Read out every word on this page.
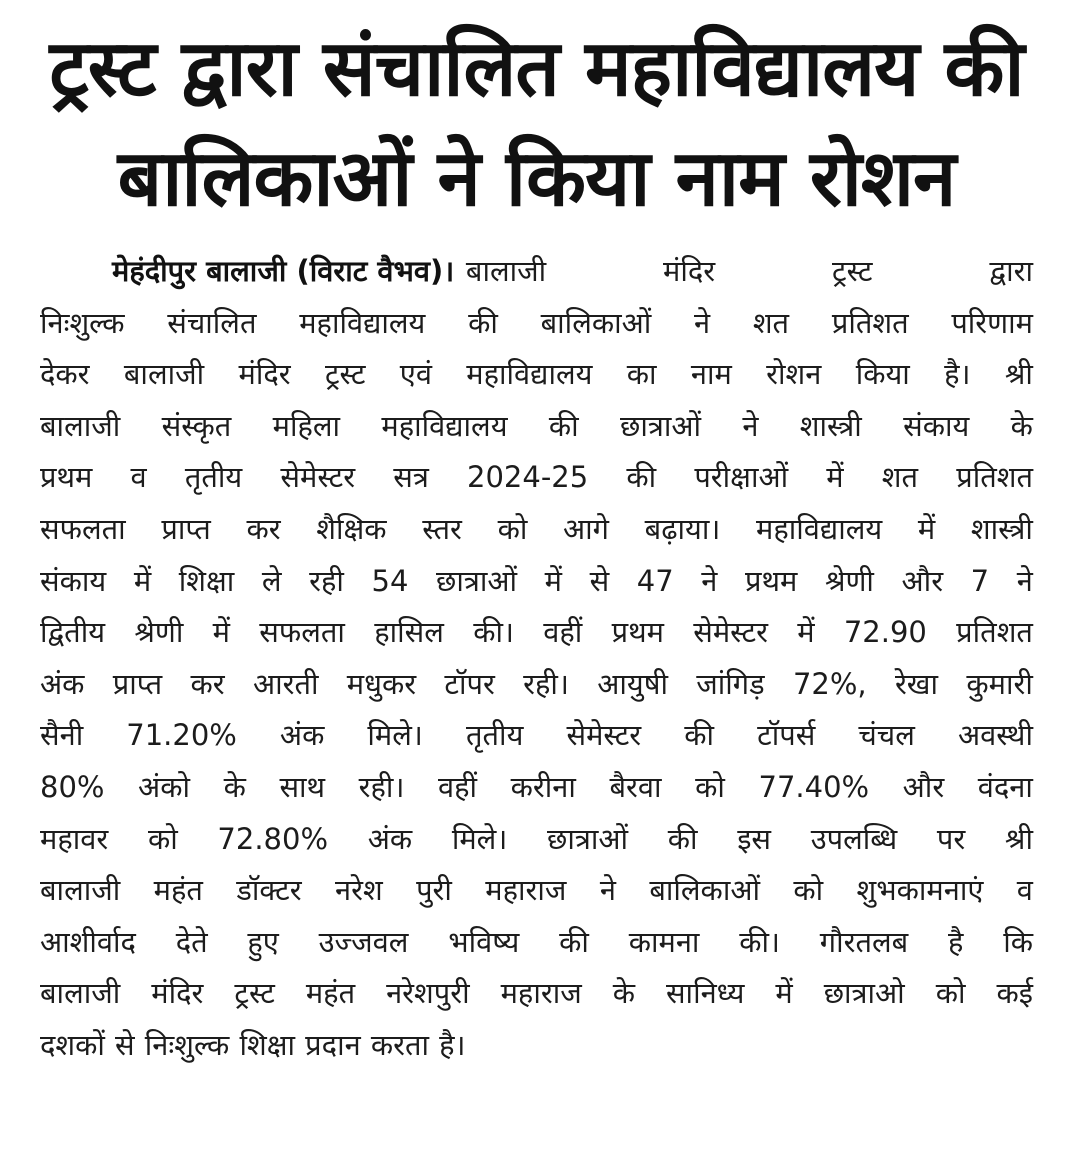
ट्रस्ट द्वारा संचालित महाविद्यालय की
बालिकाओं ने किया नाम रोशन
मेहंदीपुर बालाजी (विराट वैभव)। बालाजी	मंदिर	ट्रस्ट	द्वारा
निःशुल्क संचालित महाविद्यालय की बालिकाओं ने शत प्रतिशत परिणाम
देकर बालाजी मंदिर ट्रस्ट एवं महाविद्यालय का नाम रोशन किया है। श्री
बालाजी संस्कृत महिला महाविद्यालय की छात्राओं ने शास्त्री संकाय के
प्रथम व तृतीय सेमेस्टर सत्र 2024-25 की परीक्षाओं में शत प्रतिशत
सफलता प्राप्त कर शैक्षिक स्तर को आगे बढ़ाया। महाविद्यालय में शास्त्री
संकाय में शिक्षा ले रही 54 छात्राओं में से 47 ने प्रथम श्रेणी और 7 ने
द्वितीय श्रेणी में सफलता हासिल की। वहीं प्रथम सेमेस्टर में 72.90 प्रतिशत
अंक प्राप्त कर आरती मधुकर टॉपर रही। आयुषी जांगिड़ 72%, रेखा कुमारी
सैनी 71.20% अंक मिले। तृतीय सेमेस्टर की टॉपर्स चंचल अवस्थी
80% अंको के साथ रही। वहीं करीना बैरवा को 77.40% और वंदना
महावर को 72.80% अंक मिले। छात्राओं की इस उपलब्धि पर श्री
बालाजी महंत डॉक्टर नरेश पुरी महाराज ने बालिकाओं को शुभकामनाएं व
आशीर्वाद देते हुए उज्जवल भविष्य की कामना की। गौरतलब है कि
बालाजी मंदिर ट्रस्ट महंत नरेशपुरी महाराज के सानिध्य में छात्राओ को कई
दशकों से निःशुल्क शिक्षा प्रदान करता है।
